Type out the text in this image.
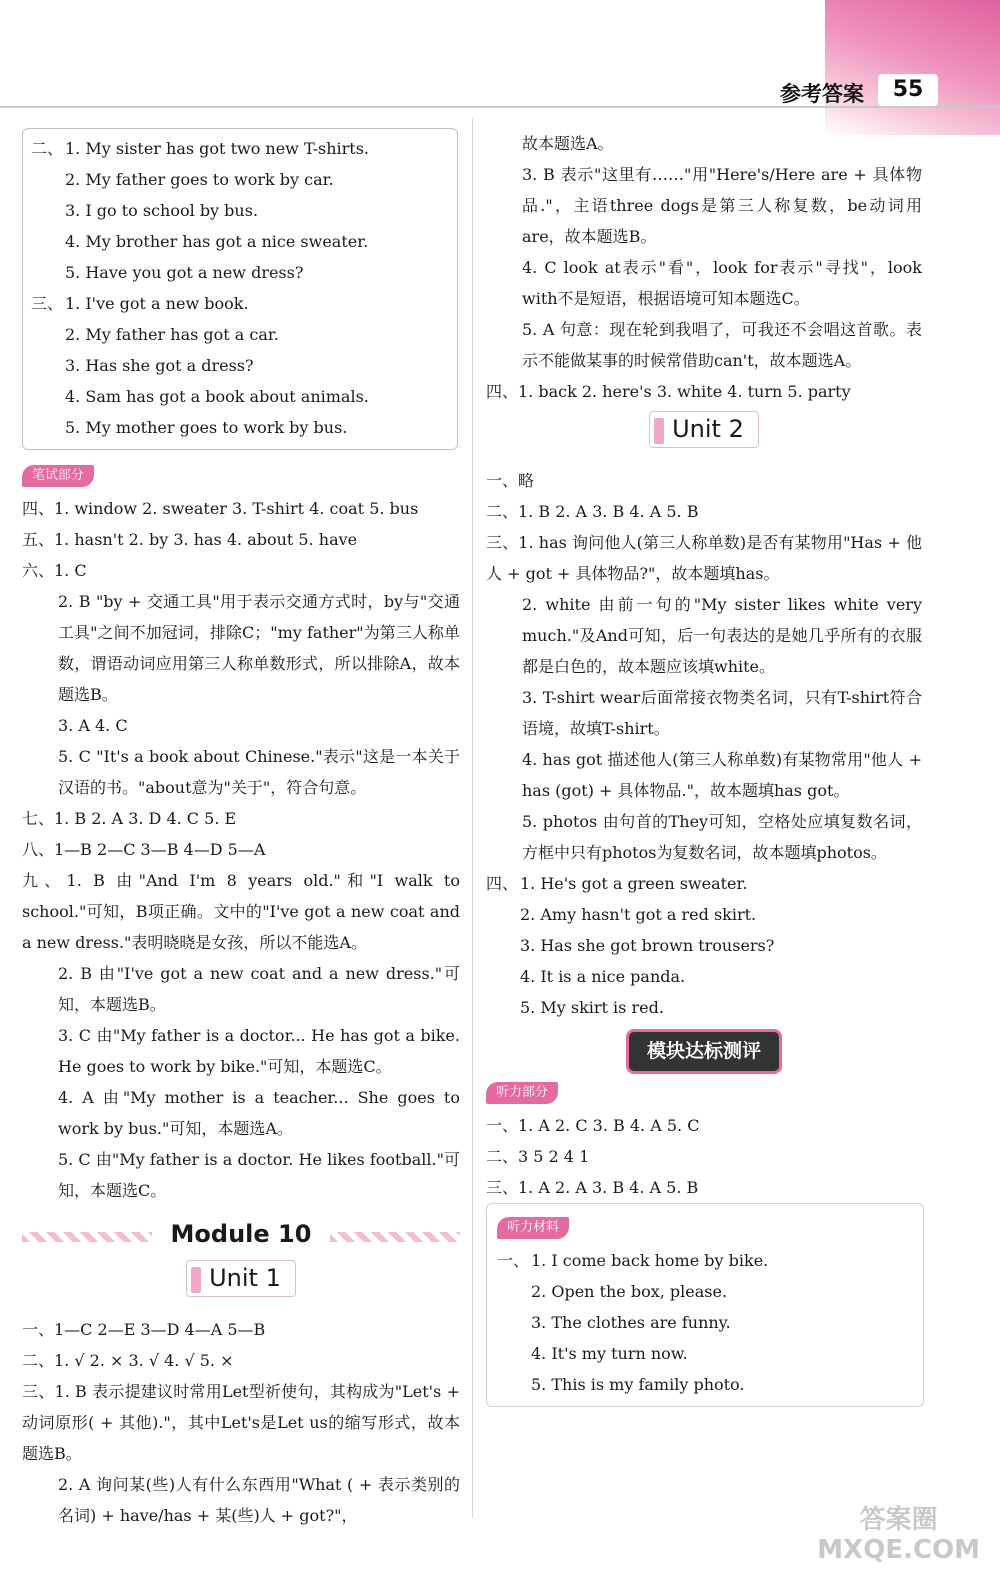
参考答案	55
二、 1. My sister has got two new T-shirts.
2. My father goes to work by car.
3. I go to school by bus.
4. My brother has got a nice sweater.
5. Have you got a new dress?
三、 1. I've got a new book.
2. My father has got a car.
3. Has she got a dress?
4. Sam has got a book about animals.
5. My mother goes to work by bus.
笔试部分
四、1. window 2. sweater 3. T-shirt 4. coat 5. bus
五、1. hasn't 2. by 3. has 4. about 5. have
六、1. C
2. B "by + 交通工具"用于表示交通方式时，by与"交通工具"之间不加冠词，排除C；"my father"为第三人称单数，谓语动词应用第三人称单数形式，所以排除A，故本题选B。
3. A 4. C
5. C "It's a book about Chinese."表示"这是一本关于汉语的书。"about意为"关于"，符合句意。
七、1. B 2. A 3. D 4. C 5. E
八、1—B 2—C 3—B 4—D 5—A
九、1. B 由"And I'm 8 years old."和"I walk to school."可知，B项正确。文中的"I've got a new coat and a new dress."表明晓晓是女孩，所以不能选A。
2. B 由"I've got a new coat and a new dress."可知，本题选B。
3. C 由"My father is a doctor... He has got a bike. He goes to work by bike."可知，本题选C。
4. A 由"My mother is a teacher... She goes to work by bus."可知，本题选A。
5. C 由"My father is a doctor. He likes football."可知，本题选C。
Module 10
Unit 1
一、1—C 2—E 3—D 4—A 5—B
二、1. √ 2. × 3. √ 4. √ 5. ×
三、1. B 表示提建议时常用Let型祈使句，其构成为"Let's + 动词原形( + 其他)."，其中Let's是Let us的缩写形式，故本题选B。
2. A 询问某(些)人有什么东西用"What ( + 表示类别的名词) + have/has + 某(些)人 + got?"，
故本题选A。
3. B 表示"这里有……"用"Here's/Here are + 具体物品."，主语three dogs是第三人称复数，be动词用are，故本题选B。
4. C look at表示"看"，look for表示"寻找"，look with不是短语，根据语境可知本题选C。
5. A 句意：现在轮到我唱了，可我还不会唱这首歌。表示不能做某事的时候常借助can't，故本题选A。
四、1. back 2. here's 3. white 4. turn 5. party
Unit 2
一、略
二、1. B 2. A 3. B 4. A 5. B
三、1. has 询问他人(第三人称单数)是否有某物用"Has + 他人 + got + 具体物品?"，故本题填has。
2. white 由前一句的"My sister likes white very much."及And可知，后一句表达的是她几乎所有的衣服都是白色的，故本题应该填white。
3. T-shirt wear后面常接衣物类名词，只有T-shirt符合语境，故填T-shirt。
4. has got 描述他人(第三人称单数)有某物常用"他人 + has (got) + 具体物品."，故本题填has got。
5. photos 由句首的They可知，空格处应填复数名词，方框中只有photos为复数名词，故本题填photos。
四、 1. He's got a green sweater.
2. Amy hasn't got a red skirt.
3. Has she got brown trousers?
4. It is a nice panda.
5. My skirt is red.
模块达标测评
听力部分
一、1. A 2. C 3. B 4. A 5. C
二、3 5 2 4 1
三、1. A 2. A 3. B 4. A 5. B
听力材料
一、 1. I come back home by bike.
2. Open the box, please.
3. The clothes are funny.
4. It's my turn now.
5. This is my family photo.
答案圈
MXQE.COM
